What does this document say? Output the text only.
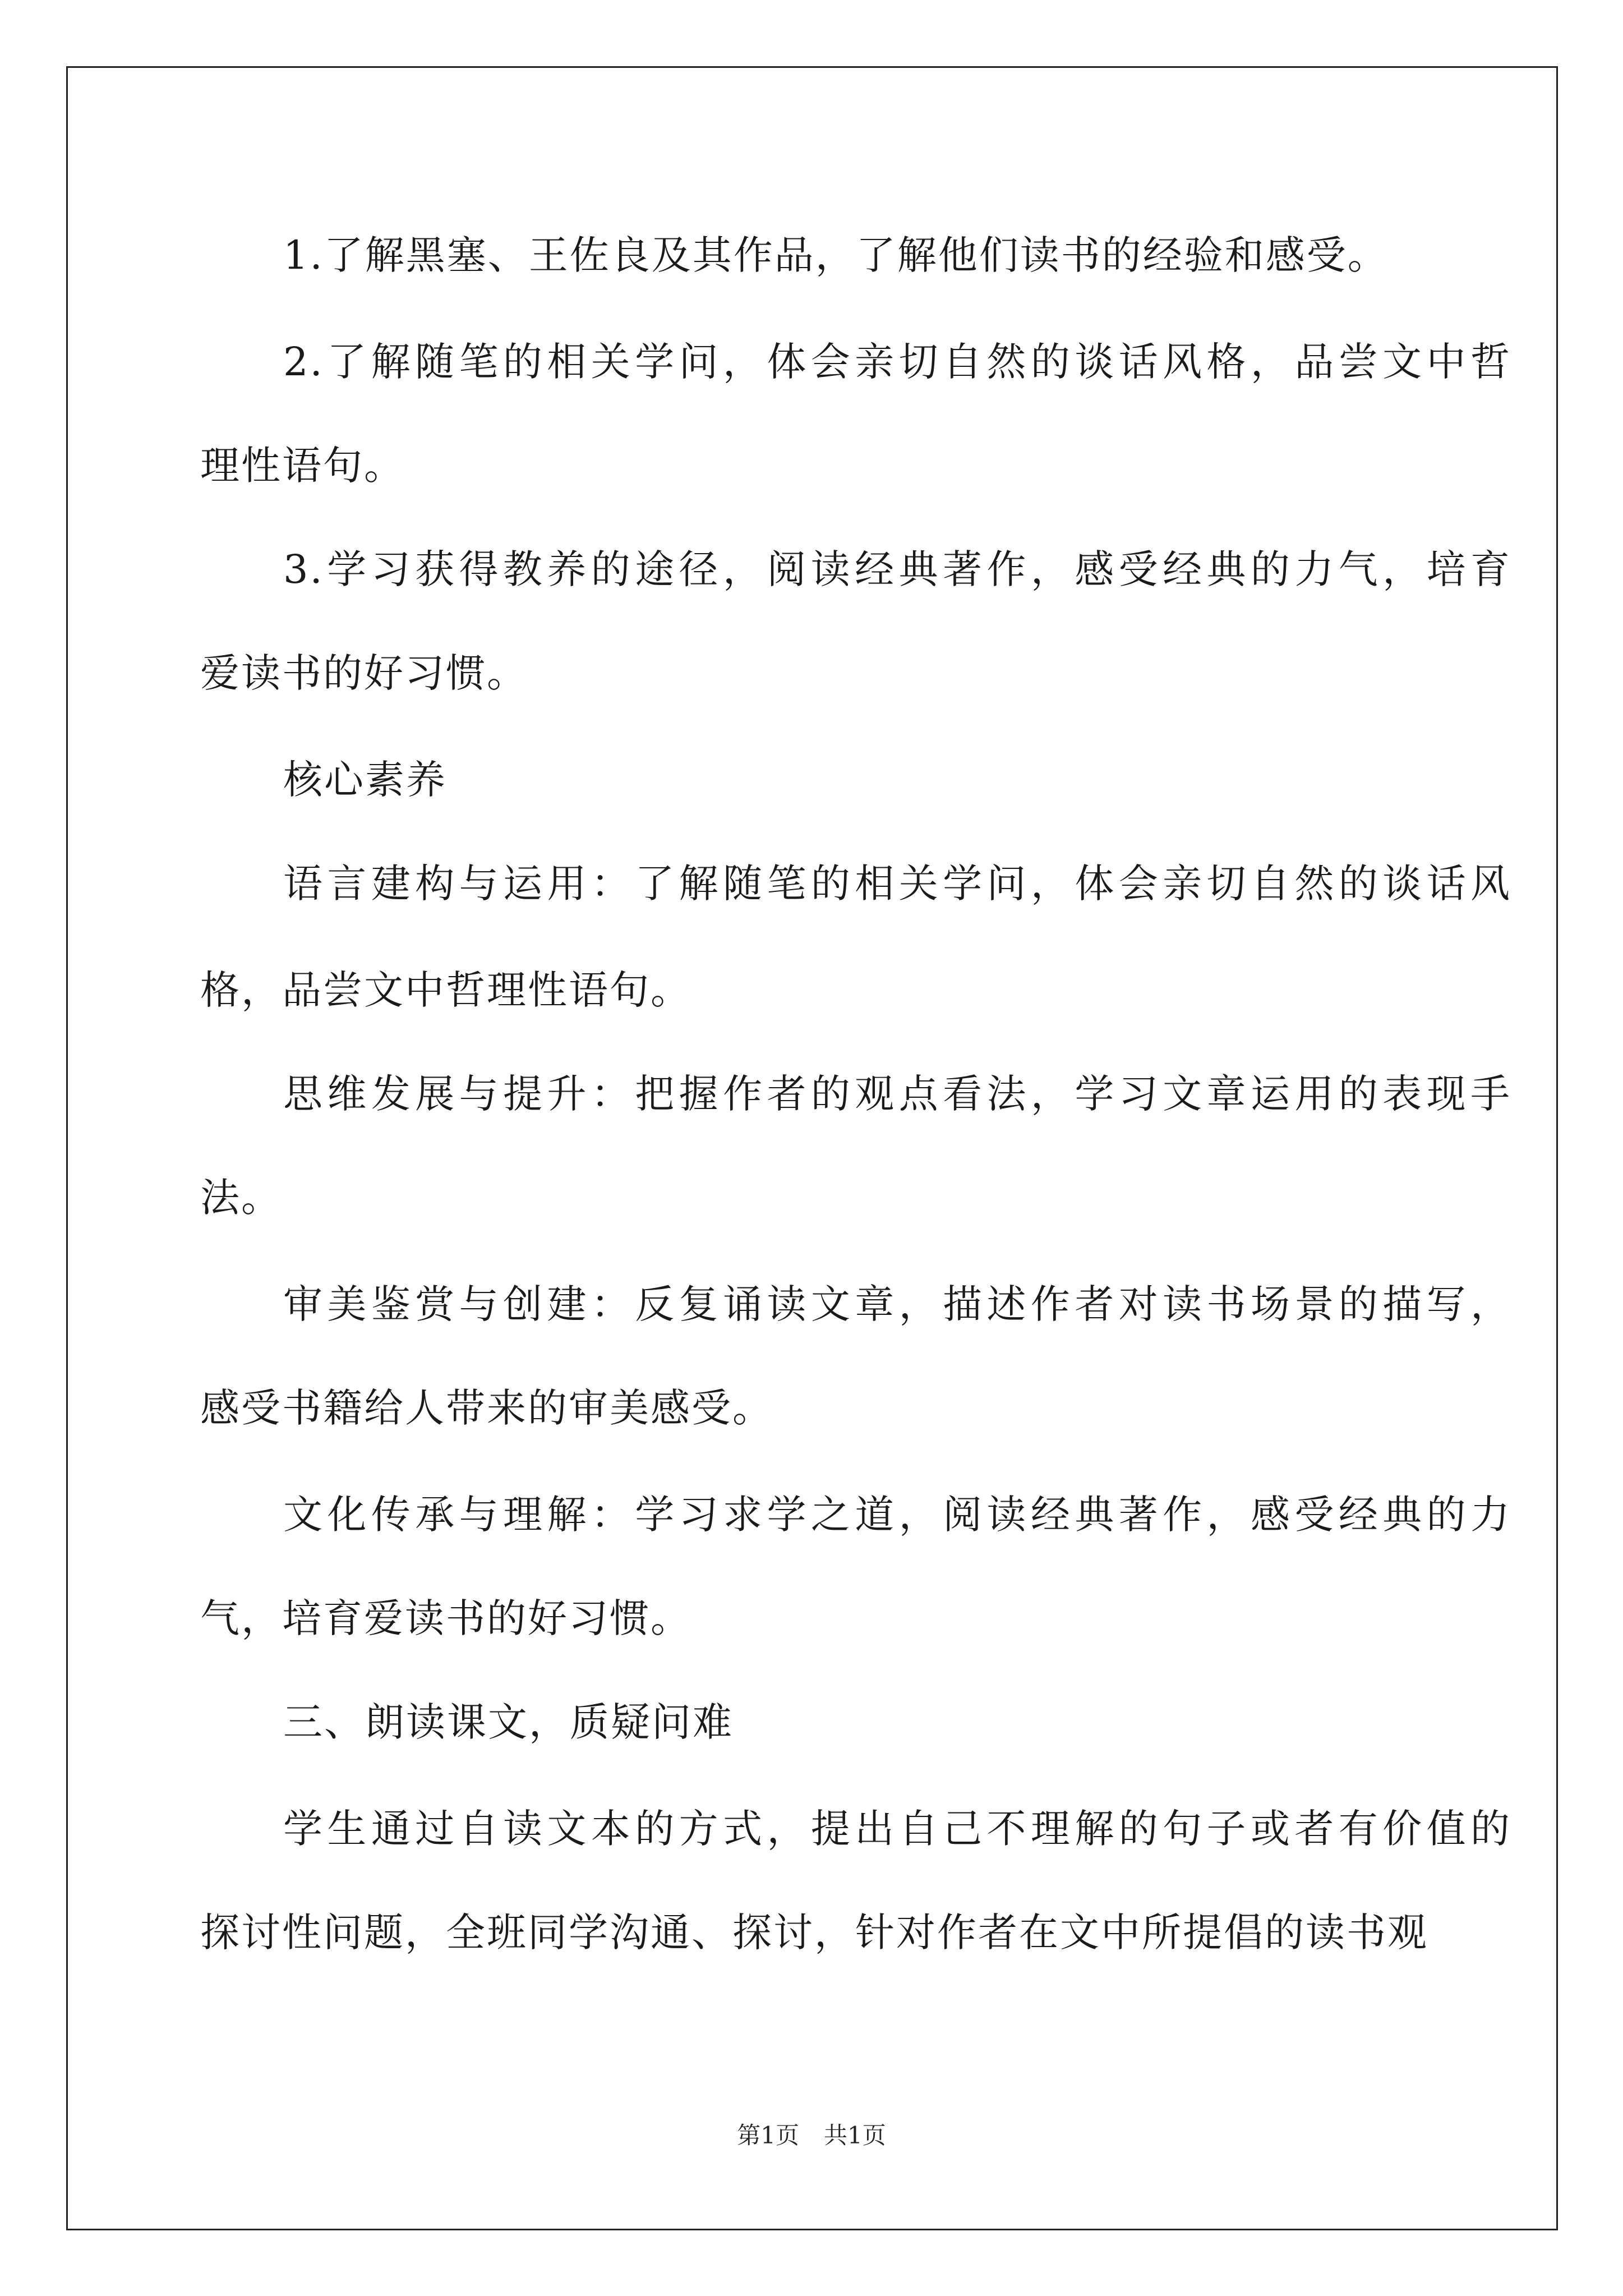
1.了解黑塞、王佐良及其作品，了解他们读书的经验和感受。
2.了解随笔的相关学问，体会亲切自然的谈话风格，品尝文中哲
理性语句。
3.学习获得教养的途径，阅读经典著作，感受经典的力气，培育
爱读书的好习惯。
核心素养
语言建构与运用：了解随笔的相关学问，体会亲切自然的谈话风
格，品尝文中哲理性语句。
思维发展与提升：把握作者的观点看法，学习文章运用的表现手
法。
审美鉴赏与创建：反复诵读文章，描述作者对读书场景的描写，
感受书籍给人带来的审美感受。
文化传承与理解：学习求学之道，阅读经典著作，感受经典的力
气，培育爱读书的好习惯。
三、朗读课文，质疑问难
学生通过自读文本的方式，提出自己不理解的句子或者有价值的
探讨性问题，全班同学沟通、探讨，针对作者在文中所提倡的读书观
第1页 共1页
